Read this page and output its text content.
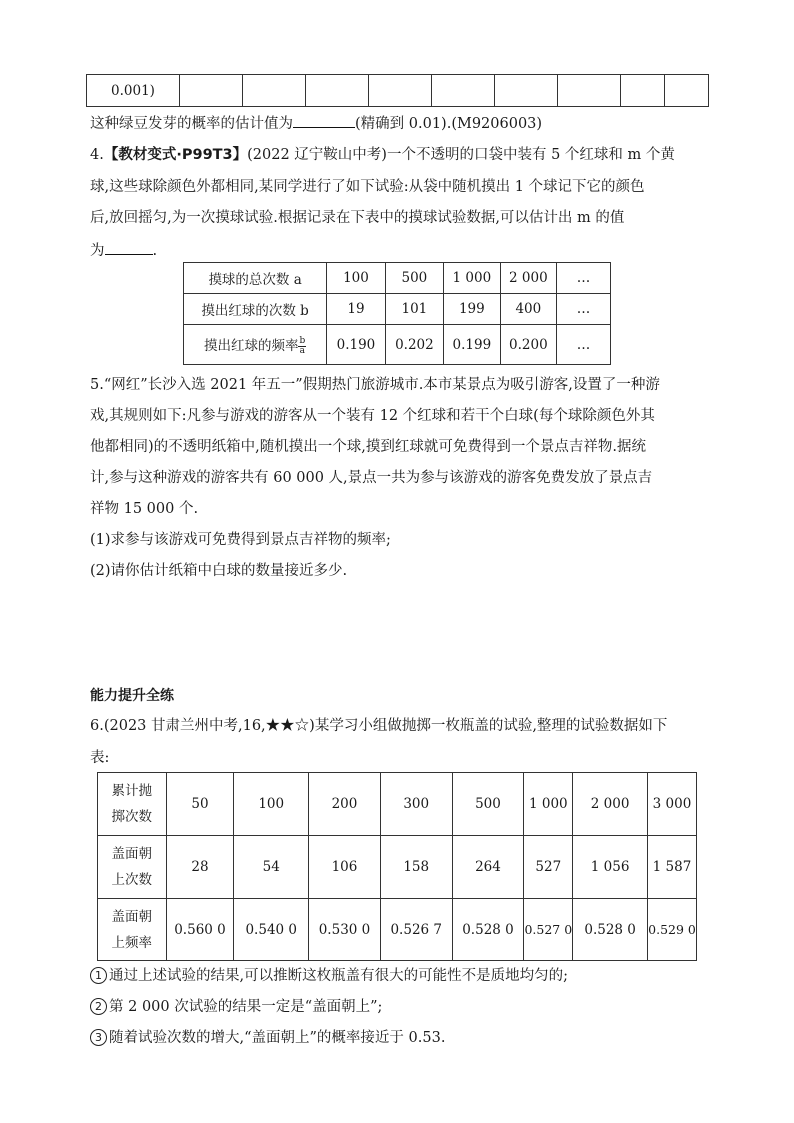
0.001)									
这种绿豆发芽的概率的估计值为	(精确到 0.01).(M9206003)
4.【教材变式·P99T3】(2022 辽宁鞍山中考)一个不透明的口袋中装有 5 个红球和 m 个黄
球,这些球除颜色外都相同,某同学进行了如下试验:从袋中随机摸出 1 个球记下它的颜色
后,放回摇匀,为一次摸球试验.根据记录在下表中的摸球试验数据,可以估计出 m 的值
为	.
摸球的总次数 a	100	500	1 000	2 000	…
摸出红球的次数 b	19	101	199	400	…
摸出红球的频率 $\frac{b}{a}$	0.190	0.202	0.199	0.200	…
5.“网红”长沙入选 2021 年五一”假期热门旅游城市.本市某景点为吸引游客,设置了一种游
戏,其规则如下:凡参与游戏的游客从一个装有 12 个红球和若干个白球(每个球除颜色外其
他都相同)的不透明纸箱中,随机摸出一个球,摸到红球就可免费得到一个景点吉祥物.据统
计,参与这种游戏的游客共有 60 000 人,景点一共为参与该游戏的游客免费发放了景点吉
祥物 15 000 个.
(1)求参与该游戏可免费得到景点吉祥物的频率;
(2)请你估计纸箱中白球的数量接近多少.
能力提升全练
6.(2023 甘肃兰州中考,16,★★☆)某学习小组做抛掷一枚瓶盖的试验,整理的试验数据如下
表:
累计抛
掷次数	50	100	200	300	500	1 000	2 000	3 000
盖面朝
上次数	28	54	106	158	264	527	1 056	1 587
盖面朝
上频率	0.560 0	0.540 0	0.530 0	0.526 7	0.528 0	0.527 0	0.528 0	0.529 0
1 通过上述试验的结果,可以推断这枚瓶盖有很大的可能性不是质地均匀的;
2 第 2 000 次试验的结果一定是“盖面朝上”;
3 随着试验次数的增大,“盖面朝上”的概率接近于 0.53.
